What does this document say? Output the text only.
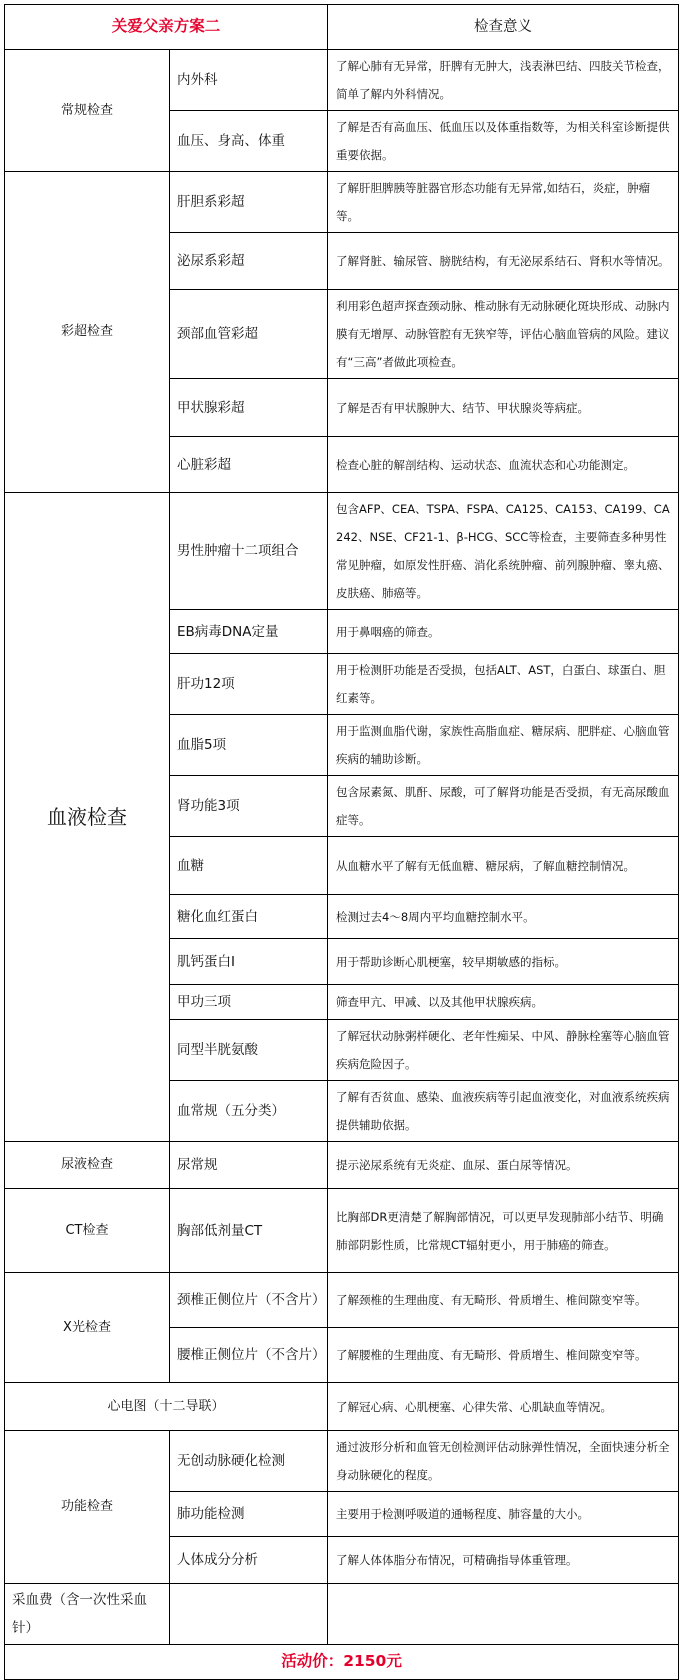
关爱父亲方案二		检查意义
常规检查	内外科	了解心肺有无异常，肝脾有无肿大，浅表淋巴结、四肢关节检查，简单了解内外科情况。
	血压、身高、体重	了解是否有高血压、低血压以及体重指数等，为相关科室诊断提供重要依据。
彩超检查	肝胆系彩超	了解肝胆脾胰等脏器官形态功能有无异常,如结石，炎症，肿瘤等。
	泌尿系彩超	了解肾脏、输尿管、膀胱结构，有无泌尿系结石、肾积水等情况。
	颈部血管彩超	利用彩色超声探查颈动脉、椎动脉有无动脉硬化斑块形成、动脉内膜有无增厚、动脉管腔有无狭窄等，评估心脑血管病的风险。建议有“三高”者做此项检查。
	甲状腺彩超	了解是否有甲状腺肿大、结节、甲状腺炎等病症。
	心脏彩超	检查心脏的解剖结构、运动状态、血流状态和心功能测定。
血液检查	男性肿瘤十二项组合	包含AFP、CEA、TSPA、FSPA、CA125、CA153、CA199、CA242、NSE、CF21-1、β-HCG、SCC等检查，主要筛查多种男性常见肿瘤，如原发性肝癌、消化系统肿瘤、前列腺肿瘤、睾丸癌、皮肤癌、肺癌等。
	EB病毒DNA定量	用于鼻咽癌的筛查。
	肝功12项	用于检测肝功能是否受损，包括ALT、AST，白蛋白、球蛋白、胆红素等。
	血脂5项	用于监测血脂代谢，家族性高脂血症、糖尿病、肥胖症、心脑血管疾病的辅助诊断。
	肾功能3项	包含尿素氮、肌酐、尿酸，可了解肾功能是否受损，有无高尿酸血症等。
	血糖	从血糖水平了解有无低血糖、糖尿病，了解血糖控制情况。
	糖化血红蛋白	检测过去4～8周内平均血糖控制水平。
	肌钙蛋白I	用于帮助诊断心肌梗塞，较早期敏感的指标。
	甲功三项	筛查甲亢、甲减、以及其他甲状腺疾病。
	同型半胱氨酸	了解冠状动脉粥样硬化、老年性痴呆、中风、静脉栓塞等心脑血管疾病危险因子。
	血常规（五分类）	了解有否贫血、感染、血液疾病等引起血液变化，对血液系统疾病提供辅助依据。
尿液检查	尿常规	提示泌尿系统有无炎症、血尿、蛋白尿等情况。
CT检查	胸部低剂量CT	比胸部DR更清楚了解胸部情况，可以更早发现肺部小结节、明确肺部阴影性质，比常规CT辐射更小，用于肺癌的筛查。
X光检查	颈椎正侧位片（不含片）	了解颈椎的生理曲度、有无畸形、骨质增生、椎间隙变窄等。
	腰椎正侧位片（不含片）	了解腰椎的生理曲度、有无畸形、骨质增生、椎间隙变窄等。
心电图（十二导联）		了解冠心病、心肌梗塞、心律失常、心肌缺血等情况。
功能检查	无创动脉硬化检测	通过波形分析和血管无创检测评估动脉弹性情况，全面快速分析全身动脉硬化的程度。
	肺功能检测	主要用于检测呼吸道的通畅程度、肺容量的大小。
	人体成分分析	了解人体体脂分布情况，可精确指导体重管理。
采血费（含一次性采血针）		
活动价：2150元		
